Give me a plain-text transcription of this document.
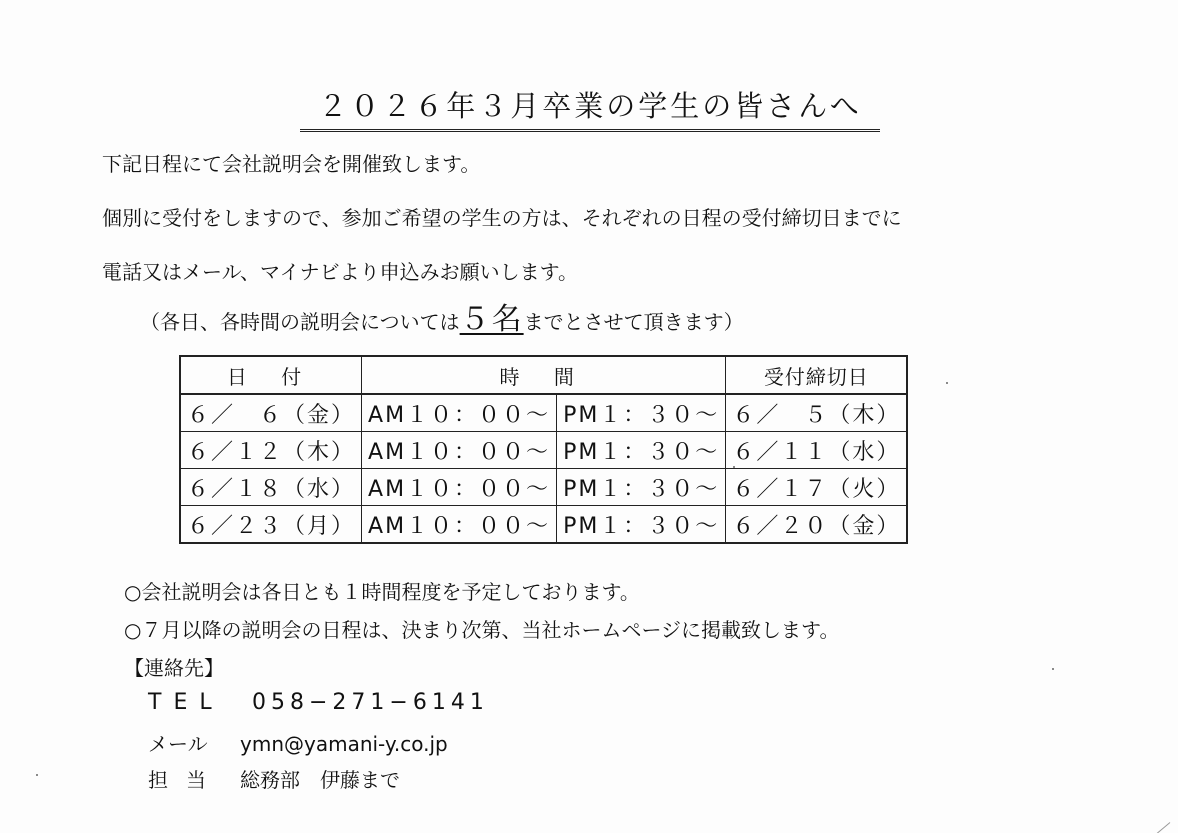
２０２６年３月卒業の学生の皆さんへ
下記日程にて会社説明会を開催致します。
個別に受付をしますので、参加ご希望の学生の方は、それぞれの日程の受付締切日までに
電話又はメール、マイナビより申込みお願いします。
（各日、各時間の説明会については５名までとさせて頂きます）
日 付	時 間		受付締切日
６／　６（金）	AM１０：００～	PM１：３０～	６／　５（木）
６／１２（木）	AM１０：００～	PM１：３０～	６／１１（水）
６／１８（水）	AM１０：００～	PM１：３０～	６／１７（火）
６／２３（月）	AM１０：００～	PM１：３０～	６／２０（金）
○会社説明会は各日とも１時間程度を予定しております。
○７月以降の説明会の日程は、決まり次第、当社ホームページに掲載致します。
【連絡先】
TEL 058−271−6141
メール ymn@yamani-y.co.jp
担当 総務部　伊藤まで
